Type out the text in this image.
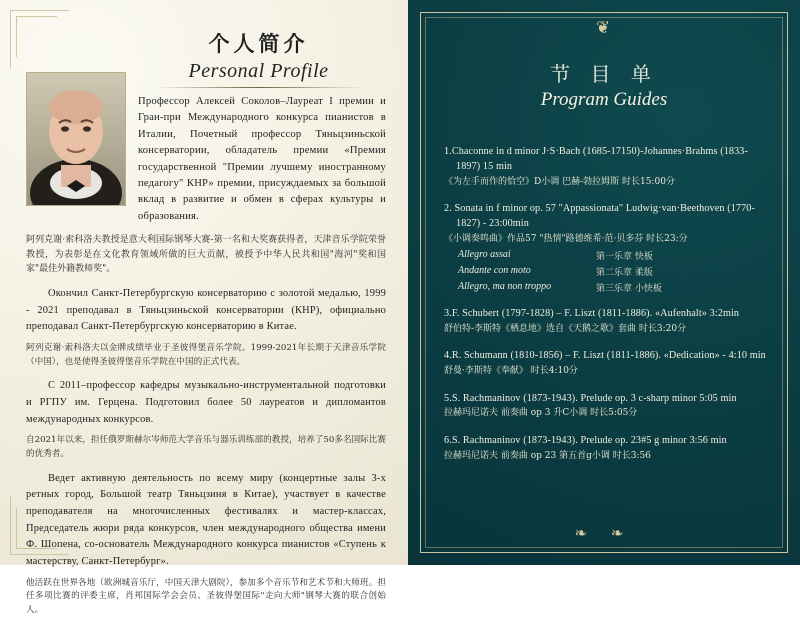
个人简介
Personal Profile
Профессор Алексей Соколов–Лауреат I премии и Гран-при Международного конкурса пианистов в Италии, Почетный профессор Тяньцзиньской консерватории, обладатель премии «Премия государственной "Премии лучшему иностранному педагогу" КНР» премии, присуждаемых за большой вклад в развитие и обмен в сферах культуры и образования.
阿列克谢·索科洛夫教授是意大利国际钢琴大赛-第一名和大奖赛获得者，天津音乐学院荣誉教授，为表彰是在文化教育领域所做的巨大贡献，被授予中华人民共和国"海河"奖和国家"最佳外籍教师奖"。
Окончил Санкт-Петербургскую консерваторию с золотой медалью, 1999 - 2021 преподавал в Тяньцзиньской консерватории (КНР), официально преподавал Санкт-Петербургскую консерваторию в Китае.
阿列克谢·索科洛夫以金牌成绩毕业于圣彼得堡音乐学院。1999-2021年长期于天津音乐学院（中国），也是使得圣彼得堡音乐学院在中国的正式代表。
С 2011–профессор кафедры музыкально-инструментальной подготовки и РГПУ им. Герцена. Подготовил более 50 лауреатов и дипломантов международных конкурсов.
自2021年以来，担任俄罗斯赫尔岑师范大学音乐与器乐训练部的教授，培养了50多名国际比赛的优秀者。
Ведет активную деятельность по всему миру (концертные залы 3-х ретных город, Большой театр Тяньцзиня в Китае), участвует в качестве преподавателя на многочисленных фестивалях и мастер-классах, Председатель жюри ряда конкурсов, член международного общества имени Ф. Шопена, со-основатель Международного конкурса пианистов «Ступень к мастерству, Санкт-Петербург».
他活跃在世界各地（欧洲城音乐厅，中国天津大剧院），参加多个音乐节和艺术节和大师班。担任多项比赛的评委主席，肖邦国际学会会员、圣彼得堡国际"走向大师"钢琴大赛的联合创始人。
❦
节 目 单
Program Guides
1.Chaconne in d minor J·S·Bach (1685-17150)-Johannes·Brahms (1833-1897) 15 min
《为左手而作的恰空》D小调 巴赫-勃拉姆斯 时长15:00分
2. Sonata in f minor op. 57 "Appassionata" Ludwig·van·Beethoven (1770-1827) - 23:00min
《小调奏鸣曲》作品57 "热情"路德维希·范·贝多芬 时长23:分
Allegro assai	第一乐章 快板
Andante con moto	第二乐章 柔版
Allegro, ma non troppo	第三乐章 小快板
3.F. Schubert (1797-1828) – F. Liszt (1811-1886). «Aufenhalt» 3:2min
舒伯特-李斯特《栖息地》选自《天鹅之歌》套曲 时长3:20分
4.R. Schumann (1810-1856) – F. Liszt (1811-1886). «Dedication» - 4:10 min
舒曼·李斯特《奉献》 时长4:10分
5.S. Rachmaninov (1873-1943). Prelude op. 3 c-sharp minor 5:05 min
拉赫玛尼诺夫 前奏曲 op 3 升C小调 时长5:05分
6.S. Rachmaninov (1873-1943). Prelude op. 23#5 g minor 3:56 min
拉赫玛尼诺夫 前奏曲 op 23 第五首g小调 时长3:56
❧ ❧
